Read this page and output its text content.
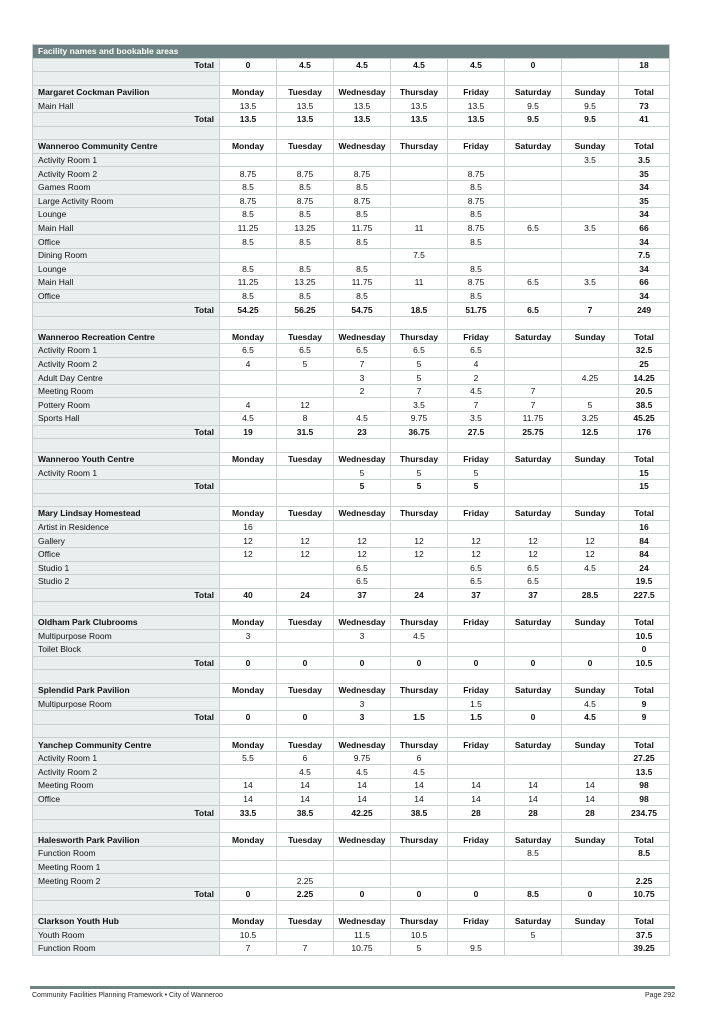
Facility names and bookable areas								
Total	0	4.5	4.5	4.5	4.5	0		18

Margaret Cockman Pavilion	Monday	Tuesday	Wednesday	Thursday	Friday	Saturday	Sunday	Total
Main Hall	13.5	13.5	13.5	13.5	13.5	9.5	9.5	73
Total	13.5	13.5	13.5	13.5	13.5	9.5	9.5	41

Wanneroo Community Centre	Monday	Tuesday	Wednesday	Thursday	Friday	Saturday	Sunday	Total
Activity Room 1							3.5	3.5
Activity Room 2	8.75	8.75	8.75		8.75			35
Games Room	8.5	8.5	8.5		8.5			34
Large Activity Room	8.75	8.75	8.75		8.75			35
Lounge	8.5	8.5	8.5		8.5			34
Main Hall	11.25	13.25	11.75	11	8.75	6.5	3.5	66
Office	8.5	8.5	8.5		8.5			34
Dining Room				7.5				7.5
Lounge	8.5	8.5	8.5		8.5			34
Main Hall	11.25	13.25	11.75	11	8.75	6.5	3.5	66
Office	8.5	8.5	8.5		8.5			34
Total	54.25	56.25	54.75	18.5	51.75	6.5	7	249

Wanneroo Recreation Centre	Monday	Tuesday	Wednesday	Thursday	Friday	Saturday	Sunday	Total
Activity Room 1	6.5	6.5	6.5	6.5	6.5			32.5
Activity Room 2	4	5	7	5	4			25
Adult Day Centre			3	5	2		4.25	14.25
Meeting Room			2	7	4.5	7		20.5
Pottery Room	4	12		3.5	7	7	5	38.5
Sports Hall	4.5	8	4.5	9.75	3.5	11.75	3.25	45.25
Total	19	31.5	23	36.75	27.5	25.75	12.5	176

Wanneroo Youth Centre	Monday	Tuesday	Wednesday	Thursday	Friday	Saturday	Sunday	Total
Activity Room 1			5	5	5			15
Total			5	5	5			15

Mary Lindsay Homestead	Monday	Tuesday	Wednesday	Thursday	Friday	Saturday	Sunday	Total
Artist in Residence	16							16
Gallery	12	12	12	12	12	12	12	84
Office	12	12	12	12	12	12	12	84
Studio 1			6.5		6.5	6.5	4.5	24
Studio 2			6.5		6.5	6.5		19.5
Total	40	24	37	24	37	37	28.5	227.5

Oldham Park Clubrooms	Monday	Tuesday	Wednesday	Thursday	Friday	Saturday	Sunday	Total
Multipurpose Room	3		3	4.5				10.5
Toilet Block								0
Total	0	0	0	0	0	0	0	10.5

Splendid Park Pavilion	Monday	Tuesday	Wednesday	Thursday	Friday	Saturday	Sunday	Total
Multipurpose Room			3		1.5		4.5	9
Total	0	0	3	1.5	1.5	0	4.5	9

Yanchep Community Centre	Monday	Tuesday	Wednesday	Thursday	Friday	Saturday	Sunday	Total
Activity Room 1	5.5	6	9.75	6				27.25
Activity Room 2		4.5	4.5	4.5				13.5
Meeting Room	14	14	14	14	14	14	14	98
Office	14	14	14	14	14	14	14	98
Total	33.5	38.5	42.25	38.5	28	28	28	234.75

Halesworth Park Pavilion	Monday	Tuesday	Wednesday	Thursday	Friday	Saturday	Sunday	Total
Function Room						8.5		8.5
Meeting Room 1								
Meeting Room 2		2.25						2.25
Total	0	2.25	0	0	0	8.5	0	10.75

Clarkson Youth Hub	Monday	Tuesday	Wednesday	Thursday	Friday	Saturday	Sunday	Total
Youth Room	10.5		11.5	10.5		5		37.5
Function Room	7	7	10.75	5	9.5			39.25
Community Facilities Planning Framework • City of Wanneroo	Page 292
